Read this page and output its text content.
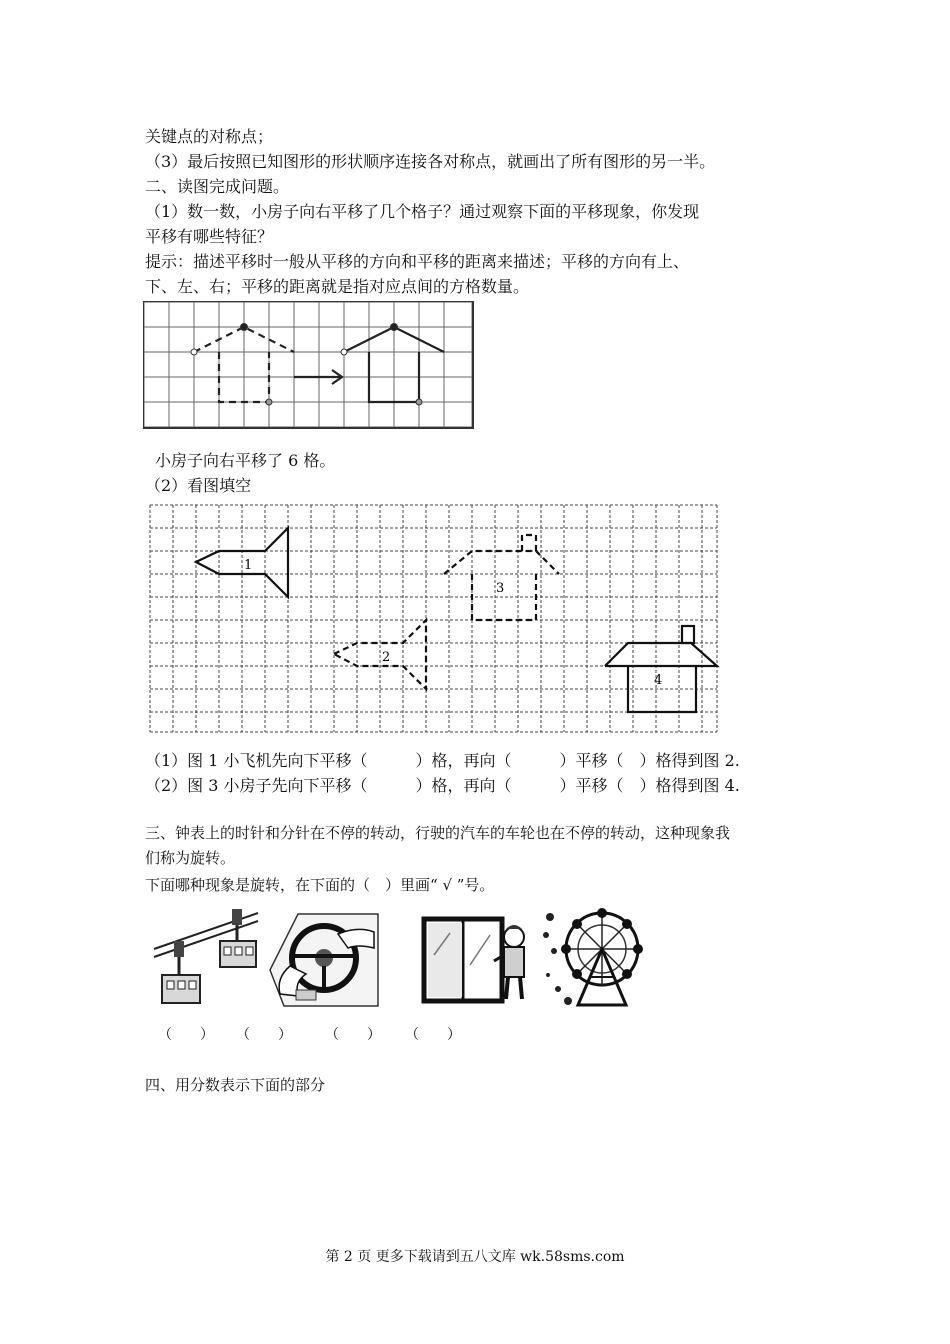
关键点的对称点；
（3）最后按照已知图形的形状顺序连接各对称点，就画出了所有图形的另一半。
二、读图完成问题。
（1）数一数，小房子向右平移了几个格子？通过观察下面的平移现象，你发现
平移有哪些特征？
提示：描述平移时一般从平移的方向和平移的距离来描述；平移的方向有上、
下、左、右；平移的距离就是指对应点间的方格数量。
小房子向右平移了 6 格。
（2）看图填空
1
2
3
4
（1）图 1 小飞机先向下平移（　　　）格，再向（　　　）平移（　）格得到图 2.
（2）图 3 小房子先向下平移（　　　）格，再向（　　　）平移（　）格得到图 4.
三、钟表上的时针和分针在不停的转动，行驶的汽车的车轮也在不停的转动，这种现象我
们称为旋转。
下面哪种现象是旋转，在下面的（　）里画“ √ ”号。
（　　） （　　） （　　） （　　）
四、用分数表示下面的部分
第 2 页 更多下载请到五八文库 wk.58sms.com
